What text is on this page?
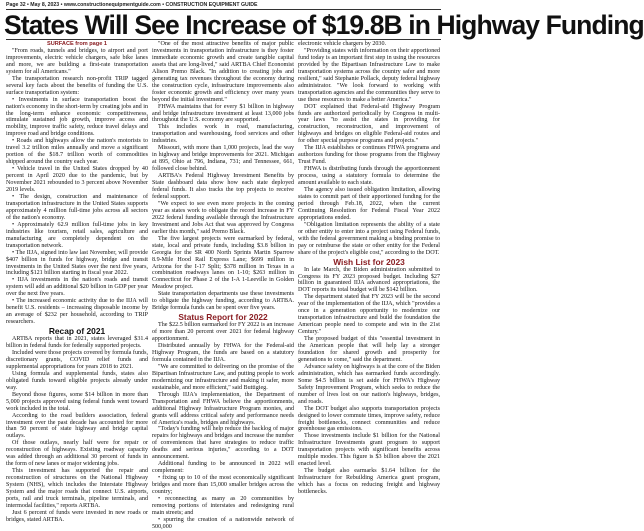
Page 32 • May 8, 2023 • www.constructionequipmentguide.com • CONSTRUCTION EQUIPMENT GUIDE
States Will See Increase of $19.8B in Highway Funding

SURFACE from page 1

"From roads, tunnels and bridges, to airport and port improvements, electric vehicle chargers, safe bike lanes and more, we are building a first-rate transportation system for all Americans."

The transportation research non-profit TRIP tagged several key facts about the benefits of funding the U.S. surface transportation system:

• Investments in surface transportation boost the nation's economy in the short-term by creating jobs and in the long-term enhance economic competitiveness, stimulate sustained job growth, improve access and mobility, improve traffic safety, reduce travel delays and improve road and bridge conditions.

• Roads and highways allow the nation's motorists to travel 3.2 trillion miles annually and move a significant portion of the $18.7 trillion worth of commodities shipped around the country each year.

• Vehicle travel in the United States dropped by 40 percent in April 2020 due to the pandemic, but by November 2021 rebounded to 3 percent above November 2019 levels.

• The design, construction and maintenance of transportation infrastructure in the United States supports approximately 4 million full-time jobs across all sectors of the nation's economy.

• Approximately 62.9 million full-time jobs in key industries like tourism, retail sales, agriculture and manufacturing are completely dependent on the transportation network.

• The IIJA, signed into law last November, will provide $407 billion in funds for highway, bridge and transit investments in the United States over the next five years, including $121 billion starting in fiscal year 2022.

• IIJA investments in the nation's roads and transit system will add an additional $20 billion in GDP per year over the next five years.

• The increased economic activity due to the IIJA will benefit U.S. residents – increasing disposable income by an average of $232 per household, according to TRIP researchers.

Recap of 2021

ARTBA reports that in 2021, states leveraged $31.4 billion in federal funds for federally supported projects.

Included were those projects covered by formula funds, discretionary grants, COVID relief funds and supplemental appropriations for years 2018 to 2021.

Using formula and supplemental funds, states also obligated funds toward eligible projects already under way.

Beyond those figures, some $14 billion in more than 5,000 projects approved using federal funds went toward work included in the total.

According to the road builders association, federal investment over the past decade has accounted for more than 50 percent of state highway and bridge capital outlays.

Of those outlays, nearly half were for repair or reconstruction of highways. Existing roadway capacity was added through an additional 30 percent of funds in the form of new lanes or major widening jobs.

This investment has supported the repair and reconstruction of structures on the National Highway System (NHS), which includes the Interstate Highway System and the major roads that connect U.S. airports, ports, rail and truck terminals, pipeline terminals, and intermodal facilities," reports ARTBA.

Just 6 percent of funds were invested in new roads or bridges, stated ARTBA.

"One of the most attractive benefits of major public investments in transportation infrastructure is they foster immediate economic growth and create tangible capital assets that are long-lived," said ARTBA Chief Economist Alison Premo Black. "In addition to creating jobs and generating tax revenues throughout the economy during the construction cycle, infrastructure improvements also foster economic growth and efficiency over many years beyond the initial investment."

FHWA maintains that for every $1 billion in highway and bridge infrastructure investment at least 13,000 jobs throughout the U.S. economy are supported.

This includes work in road, manufacturing, transportation and warehousing, food services and other industries.

Missouri, with more than 1,000 projects, lead the way in highway and bridge improvements for 2021. Michigan at 895, Ohio at 796, Indiana, 731; and Tennessee, 661, followed close behind.

ARTBA's Federal Highway Investment Benefits by State dashboard data show how each state deployed federal funds. It also tracks the top projects to receive federal support.

"We expect to see even more projects in the coming year as states work to obligate the record increase in FY 2022 federal funding available through the Infrastructure Investment and Jobs Act that was approved by Congress earlier this month," said Premo Black.

The five largest projects were earmarked by federal, state, local and private funds, including $3.8 billion in Georgia for the SR 400 North Sprints Martin Sparrow 8.9-Mile Hood Rail Express Lane; $699 million in Arizona for the I-17 Split; $378 million in Texas in a combination roadways lanes on 1-10; $263 million in Connecticut for Phase 2 of the I-A 1-Leeville in Golden Meadow project.

State transportation departments use these investments to obligate the highway funding, according to ARTBA. Bridge formula funds can be spent over five years.

Status Report for 2022

The $22.5 billion earmarked for FY 2022 is an increase of more than 20 percent over 2021 for federal highway apportionment.

Distributed annually by FHWA for the Federal-aid Highway Program, the funds are based on a statutory formula contained in the IIJA.

"We are committed to delivering on the promise of the Bipartisan Infrastructure Law, and putting people to work modernizing our infrastructure and making it safer, more sustainable, and more efficient," said Buttigieg.

Through IIJA's implementation, the Department of Transportation and FHWA believe the apportionments, additional Highway Infrastructure Program monies, and grants will address critical safety and performance needs of America's roads, bridges and highways.

"Today's funding will help reduce the backlog of major repairs for highways and bridges and increase the number of conveniences that have strategies to reduce traffic deaths and serious injuries," according to a DOT announcement.

Additional funding to be announced in 2022 will complement:

• fixing up to 10 of the most economically significant bridges and more than 15,000 smaller bridges across the country;

• reconnecting as many as 20 communities by removing portions of interstates and redesigning rural main streets; and

• spurring the creation of a nationwide network of 500,000

electronic vehicle chargers by 2030.

"Providing states with information on their apportioned fund today is an important first step in using the resources provided by the Bipartisan Infrastructure Law to make transportation systems across the country safer and more resilient," said Stephanie Pollack, deputy federal highway administrator. "We look forward to working with transportation agencies and the communities they serve to use these resources to make a better America."

DOT explained that Federal-aid Highway Program funds are authorized periodically by Congress in multi-year laws "to assist the states in providing for construction, reconstruction, and improvement of highways and bridges on eligible Federal-aid routes and for other special purpose programs and projects."

The IIJA establishes or continues FHWA programs and authorizes funding for those programs from the Highway Trust Fund.

FHWA is distributing funds through the apportionment process, using a statutory formula to determine the amount available to each state.

The agency also issued obligation limitation, allowing states to commit part of their apportioned funding for the period through Feb.18, 2022, when the current Continuing Resolution for Federal Fiscal Year 2022 appropriations ended.

"Obligation limitation represents the ability of a state or other entity to enter into a project using Federal funds, with the federal government making a binding promise to pay or reimburse the state or other entity for the Federal share of the project's eligible cost," according to the DOT.

Wish List for 2023

In late March, the Biden administration submitted to Congress its FY 2023 proposed budget. Including $27 billion in guaranteed IIJA advanced appropriations, the DOT reports its total budget will be $142 billion.

The department stated that FY 2023 will be the second year of the implementation of the IIJA, which "provides a once in a generation opportunity to modernize our transportation infrastructure and build the foundation the American people need to compete and win in the 21st Century."

The proposed budget of this "essential investment in the American people that will help lay a stronger foundation for shared growth and prosperity for generations to come," said the department.

Advance safety on highways is at the core of the Biden administration, which has earmarked funds accordingly. Some $4.5 billion is set aside for FHWA's Highway Safety Improvement Program, which seeks to reduce the number of lives lost on our nation's highways, bridges, and roads.

The DOT budget also supports transportation projects designed to lower commute times, improve safety, reduce freight bottlenecks, connect communities and reduce greenhouse gas emissions.

Those investments include $1 billion for the National Infrastructure Investments grant program to support transportation projects with significant benefits across multiple modes. This figure is $3 billion above the 2021 enacted level.

The budget also earmarks $1.64 billion for the Infrastructure for Rebuilding America grant program, which has a focus on reducing freight and highway bottlenecks.
